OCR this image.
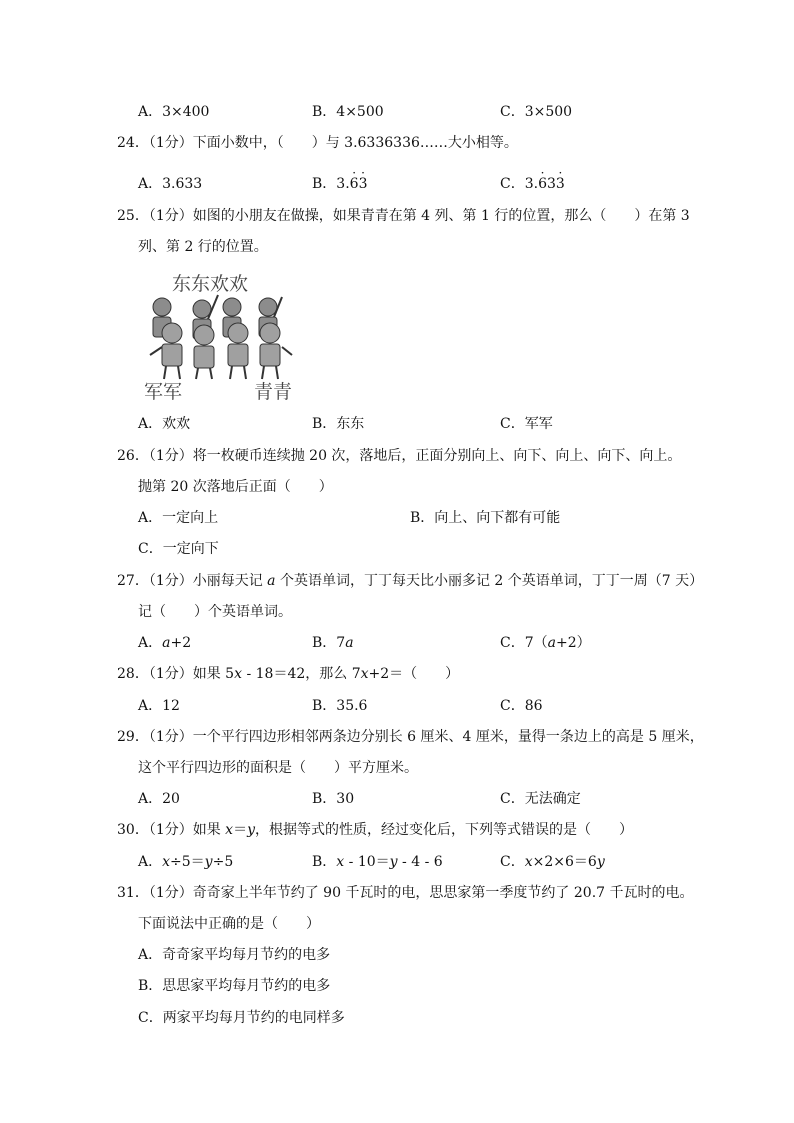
A．3×400	B．4×500	C．3×500
24．（1分）下面小数中，（　　）与 3.6336336……大小相等。
A．3.633	B．3.· 6· 3	C．3.· 63· 3
25．（1分）如图的小朋友在做操，如果青青在第 4 列、第 1 行的位置，那么（　　）在第 3
列、第 2 行的位置。
东东欢欢
军军	青青
A．欢欢	B．东东	C．军军
26．（1分）将一枚硬币连续抛 20 次，落地后，正面分别向上、向下、向上、向下、向上。
抛第 20 次落地后正面（　　）
A．一定向上	B．向上、向下都有可能
C．一定向下
27．（1分）小丽每天记 a 个英语单词，丁丁每天比小丽多记 2 个英语单词，丁丁一周（7 天）
记（　　）个英语单词。
A．a+2	B．7a	C．7（a+2）
28．（1分）如果 5x - 18＝42，那么 7x+2＝（　　）
A．12	B．35.6	C．86
29．（1分）一个平行四边形相邻两条边分别长 6 厘米、4 厘米，量得一条边上的高是 5 厘米，
这个平行四边形的面积是（　　）平方厘米。
A．20	B．30	C．无法确定
30．（1分）如果 x＝y，根据等式的性质，经过变化后，下列等式错误的是（　　）
A．x÷5＝y÷5	B．x - 10＝y - 4 - 6	C．x×2×6＝6y
31．（1分）奇奇家上半年节约了 90 千瓦时的电，思思家第一季度节约了 20.7 千瓦时的电。
下面说法中正确的是（　　）
A．奇奇家平均每月节约的电多
B．思思家平均每月节约的电多
C．两家平均每月节约的电同样多
